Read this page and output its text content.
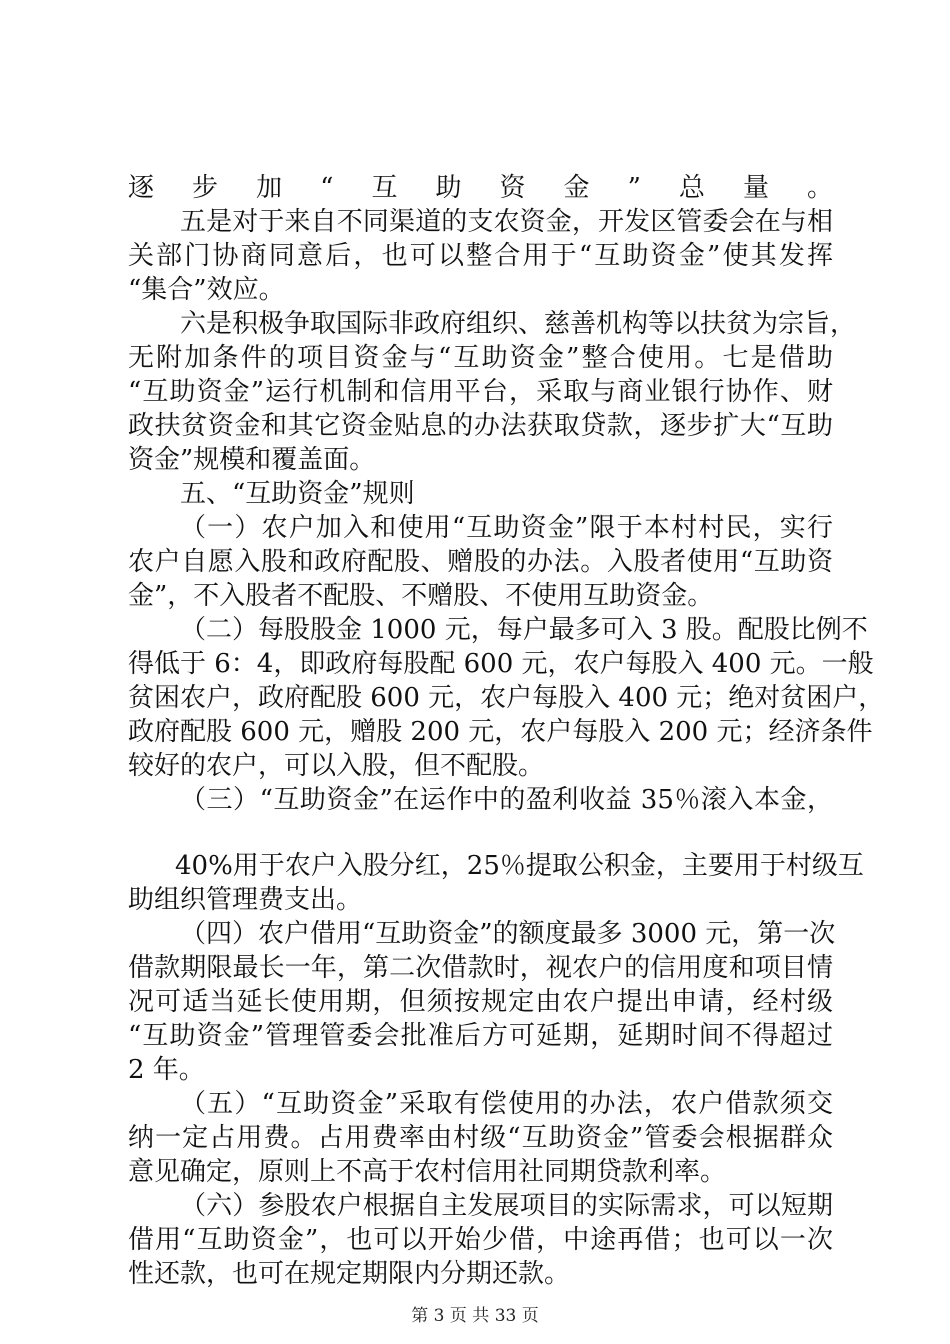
逐步加“互助资金”总量。
五是对于来自不同渠道的支农资金，开发区管委会在与相
关部门协商同意后，也可以整合用于“互助资金”使其发挥
“集合”效应。
六是积极争取国际非政府组织、慈善机构等以扶贫为宗旨，
无附加条件的项目资金与“互助资金”整合使用。七是借助
“互助资金”运行机制和信用平台，采取与商业银行协作、财
政扶贫资金和其它资金贴息的办法获取贷款，逐步扩大“互助
资金”规模和覆盖面。
五、“互助资金”规则
（一）农户加入和使用“互助资金”限于本村村民，实行
农户自愿入股和政府配股、赠股的办法。入股者使用“互助资
金”，不入股者不配股、不赠股、不使用互助资金。
（二）每股股金 1000 元，每户最多可入 3 股。配股比例不
得低于 6：4，即政府每股配 600 元，农户每股入 400 元。一般
贫困农户，政府配股 600 元，农户每股入 400 元；绝对贫困户，
政府配股 600 元，赠股 200 元，农户每股入 200 元；经济条件
较好的农户，可以入股，但不配股。
（三）“互助资金”在运作中的盈利收益 35％滚入本金，
40%用于农户入股分红，25％提取公积金，主要用于村级互
助组织管理费支出。
（四）农户借用“互助资金”的额度最多 3000 元，第一次
借款期限最长一年，第二次借款时，视农户的信用度和项目情
况可适当延长使用期，但须按规定由农户提出申请，经村级
“互助资金”管理管委会批准后方可延期，延期时间不得超过
2 年。
（五）“互助资金”采取有偿使用的办法，农户借款须交
纳一定占用费。占用费率由村级“互助资金”管委会根据群众
意见确定，原则上不高于农村信用社同期贷款利率。
（六）参股农户根据自主发展项目的实际需求，可以短期
借用“互助资金”，也可以开始少借，中途再借；也可以一次
性还款，也可在规定期限内分期还款。
第 3 页 共 33 页
